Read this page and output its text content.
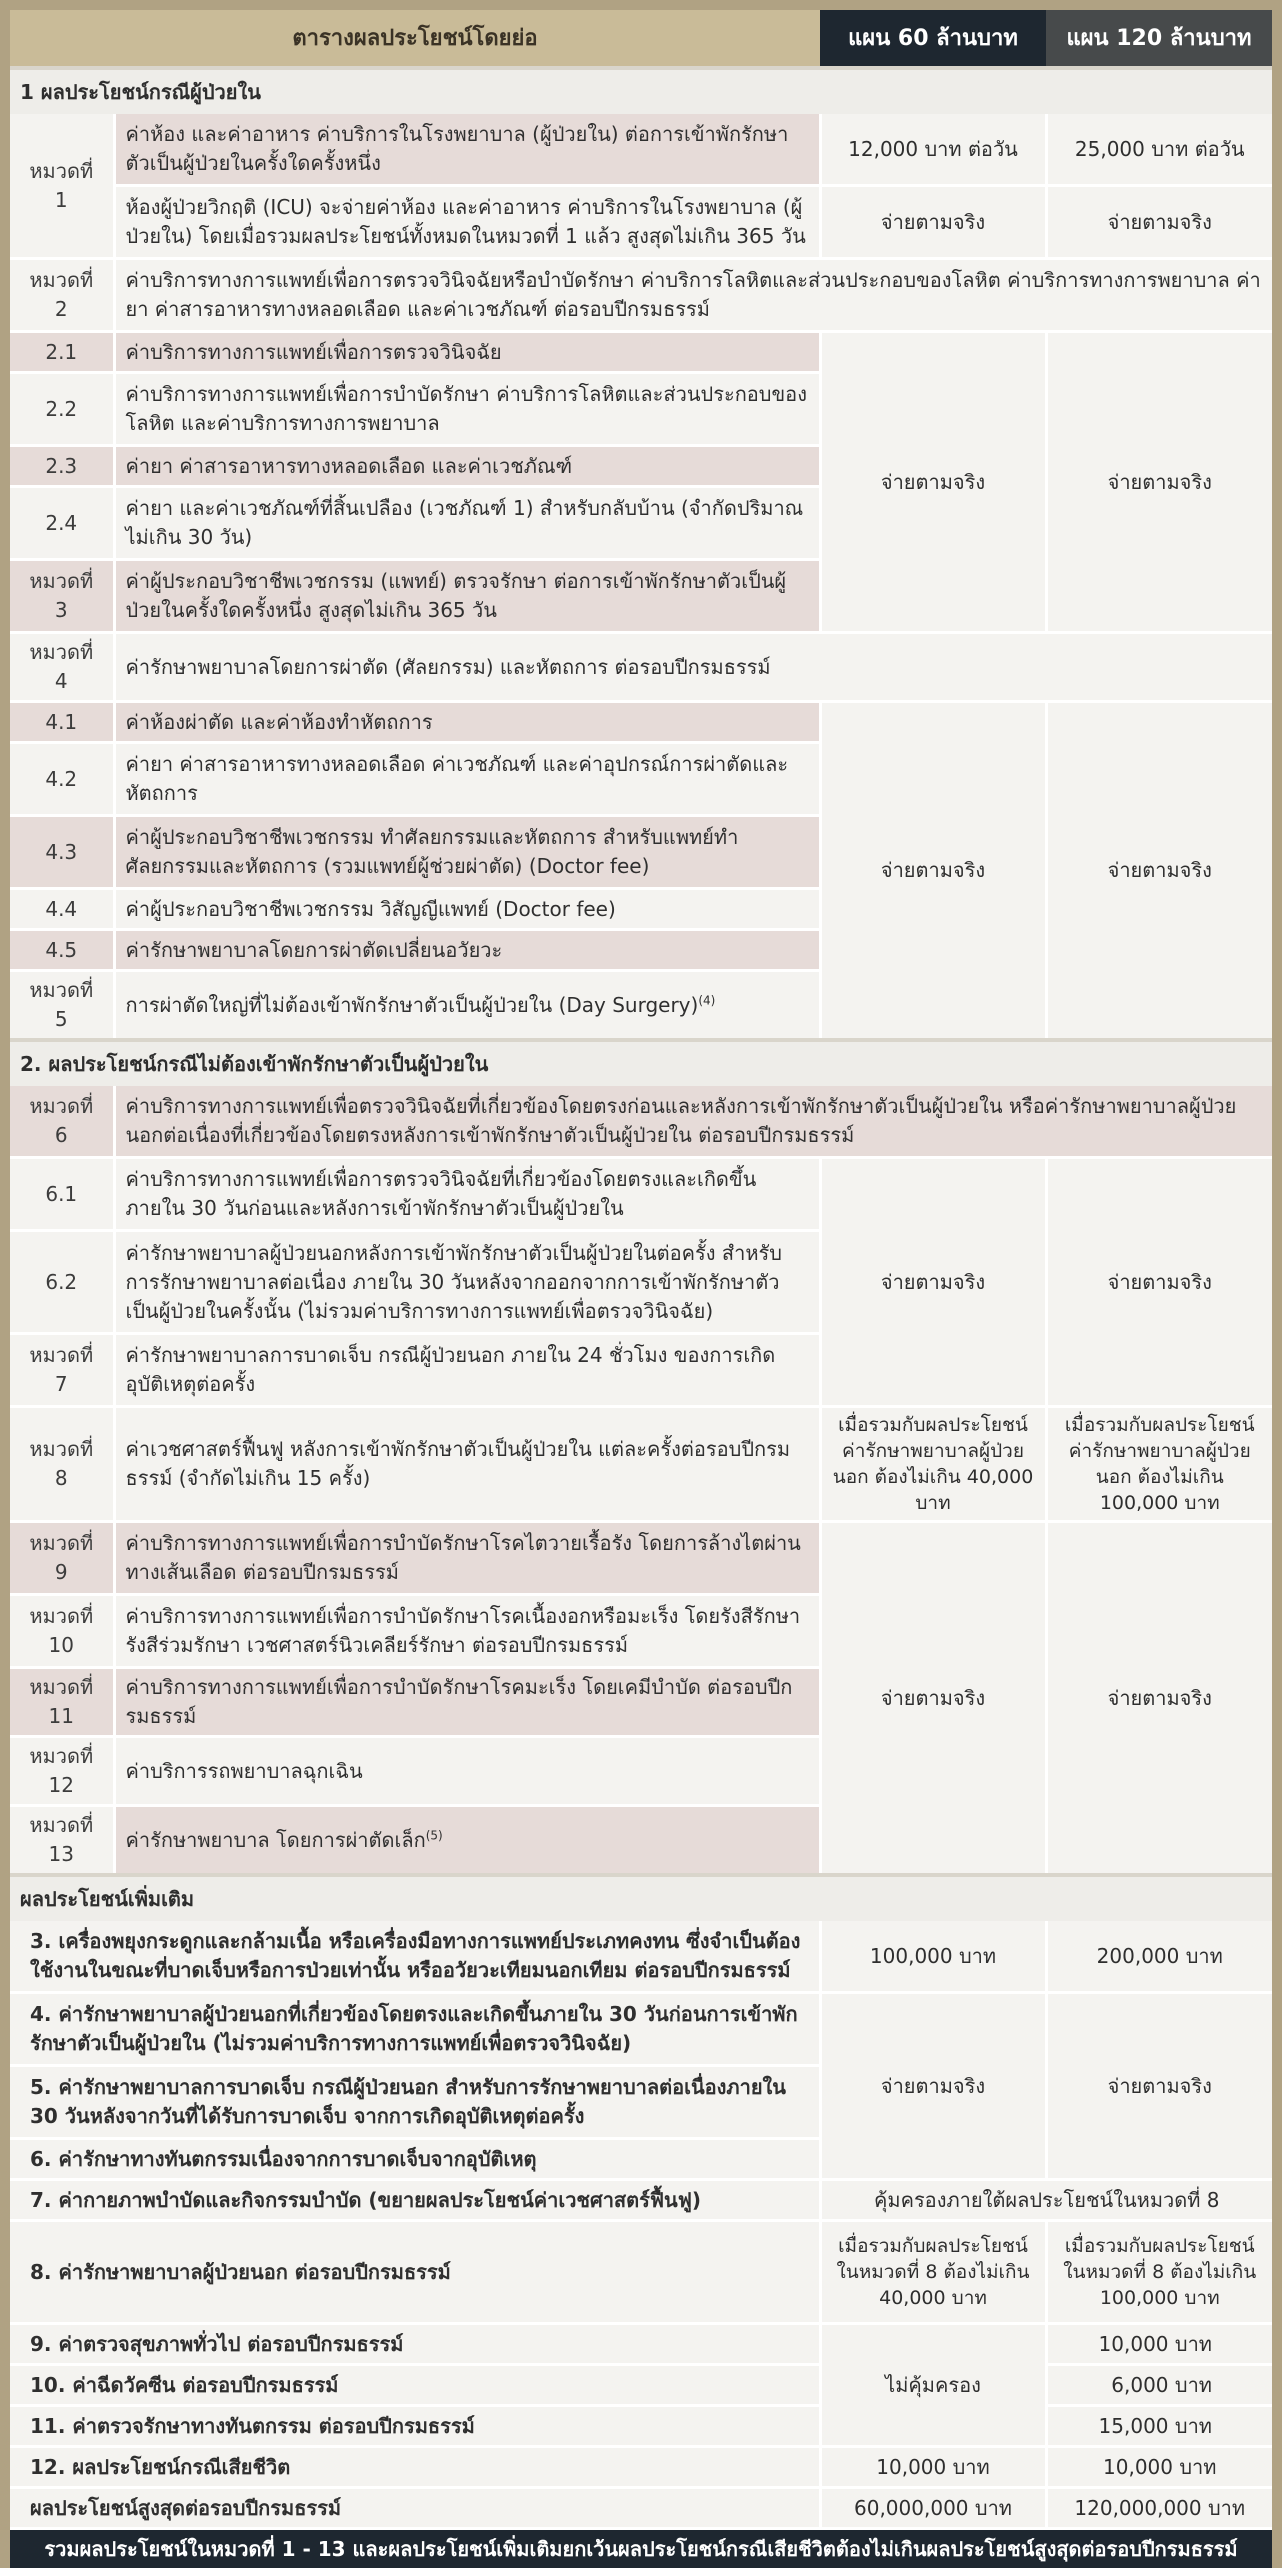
ตารางผลประโยชน์โดยย่อ		แผน 60 ล้านบาท	แผน 120 ล้านบาท
1 ผลประโยชน์กรณีผู้ป่วยใน			
หมวดที่ 1	ค่าห้อง และค่าอาหาร ค่าบริการในโรงพยาบาล (ผู้ป่วยใน) ต่อการเข้าพักรักษาตัวเป็นผู้ป่วยในครั้งใดครั้งหนึ่ง	12,000 บาท ต่อวัน	25,000 บาท ต่อวัน
	ห้องผู้ป่วยวิกฤติ (ICU) จะจ่ายค่าห้อง และค่าอาหาร ค่าบริการในโรงพยาบาล (ผู้ป่วยใน) โดยเมื่อรวมผลประโยชน์ทั้งหมดในหมวดที่ 1 แล้ว สูงสุดไม่เกิน 365 วัน	จ่ายตามจริง	จ่ายตามจริง
หมวดที่ 2	ค่าบริการทางการแพทย์เพื่อการตรวจวินิจฉัยหรือบำบัดรักษา ค่าบริการโลหิตและส่วนประกอบของโลหิต ค่าบริการทางการพยาบาล ค่ายา ค่าสารอาหารทางหลอดเลือด และค่าเวชภัณฑ์ ต่อรอบปีกรมธรรม์		
2.1	ค่าบริการทางการแพทย์เพื่อการตรวจวินิจฉัย	จ่ายตามจริง	จ่ายตามจริง
2.2	ค่าบริการทางการแพทย์เพื่อการบำบัดรักษา ค่าบริการโลหิตและส่วนประกอบของโลหิต และค่าบริการทางการพยาบาล		
2.3	ค่ายา ค่าสารอาหารทางหลอดเลือด และค่าเวชภัณฑ์		
2.4	ค่ายา และค่าเวชภัณฑ์ที่สิ้นเปลือง (เวชภัณฑ์ 1) สำหรับกลับบ้าน (จำกัดปริมาณไม่เกิน 30 วัน)		
หมวดที่ 3	ค่าผู้ประกอบวิชาชีพเวชกรรม (แพทย์) ตรวจรักษา ต่อการเข้าพักรักษาตัวเป็นผู้ป่วยในครั้งใดครั้งหนึ่ง สูงสุดไม่เกิน 365 วัน		
หมวดที่ 4	ค่ารักษาพยาบาลโดยการผ่าตัด (ศัลยกรรม) และหัตถการ ต่อรอบปีกรมธรรม์		
4.1	ค่าห้องผ่าตัด และค่าห้องทำหัตถการ	จ่ายตามจริง	จ่ายตามจริง
4.2	ค่ายา ค่าสารอาหารทางหลอดเลือด ค่าเวชภัณฑ์ และค่าอุปกรณ์การผ่าตัดและหัตถการ		
4.3	ค่าผู้ประกอบวิชาชีพเวชกรรม ทำศัลยกรรมและหัตถการ สำหรับแพทย์ทำศัลยกรรมและหัตถการ (รวมแพทย์ผู้ช่วยผ่าตัด) (Doctor fee)		
4.4	ค่าผู้ประกอบวิชาชีพเวชกรรม วิสัญญีแพทย์ (Doctor fee)		
4.5	ค่ารักษาพยาบาลโดยการผ่าตัดเปลี่ยนอวัยวะ		
หมวดที่ 5	การผ่าตัดใหญ่ที่ไม่ต้องเข้าพักรักษาตัวเป็นผู้ป่วยใน (Day Surgery)$^{(4)}$
2. ผลประโยชน์กรณีไม่ต้องเข้าพักรักษาตัวเป็นผู้ป่วยใน			
หมวดที่ 6	ค่าบริการทางการแพทย์เพื่อตรวจวินิจฉัยที่เกี่ยวข้องโดยตรงก่อนและหลังการเข้าพักรักษาตัวเป็นผู้ป่วยใน หรือค่ารักษาพยาบาลผู้ป่วยนอกต่อเนื่องที่เกี่ยวข้องโดยตรงหลังการเข้าพักรักษาตัวเป็นผู้ป่วยใน ต่อรอบปีกรมธรรม์		
6.1	ค่าบริการทางการแพทย์เพื่อการตรวจวินิจฉัยที่เกี่ยวข้องโดยตรงและเกิดขึ้นภายใน 30 วันก่อนและหลังการเข้าพักรักษาตัวเป็นผู้ป่วยใน	จ่ายตามจริง	จ่ายตามจริง
6.2	ค่ารักษาพยาบาลผู้ป่วยนอกหลังการเข้าพักรักษาตัวเป็นผู้ป่วยในต่อครั้ง สำหรับการรักษาพยาบาลต่อเนื่อง ภายใน 30 วันหลังจากออกจากการเข้าพักรักษาตัวเป็นผู้ป่วยในครั้งนั้น (ไม่รวมค่าบริการทางการแพทย์เพื่อตรวจวินิจฉัย)		
หมวดที่ 7	ค่ารักษาพยาบาลการบาดเจ็บ กรณีผู้ป่วยนอก ภายใน 24 ชั่วโมง ของการเกิดอุบัติเหตุต่อครั้ง		
หมวดที่ 8	ค่าเวชศาสตร์ฟื้นฟู หลังการเข้าพักรักษาตัวเป็นผู้ป่วยใน แต่ละครั้งต่อรอบปีกรมธรรม์ (จำกัดไม่เกิน 15 ครั้ง)	เมื่อรวมกับผลประโยชน์ค่ารักษาพยาบาลผู้ป่วยนอก ต้องไม่เกิน 40,000 บาท	เมื่อรวมกับผลประโยชน์ค่ารักษาพยาบาลผู้ป่วยนอก ต้องไม่เกิน 100,000 บาท
หมวดที่ 9	ค่าบริการทางการแพทย์เพื่อการบำบัดรักษาโรคไตวายเรื้อรัง โดยการล้างไตผ่านทางเส้นเลือด ต่อรอบปีกรมธรรม์	จ่ายตามจริง	จ่ายตามจริง
หมวดที่ 10	ค่าบริการทางการแพทย์เพื่อการบำบัดรักษาโรคเนื้องอกหรือมะเร็ง โดยรังสีรักษารังสีร่วมรักษา เวชศาสตร์นิวเคลียร์รักษา ต่อรอบปีกรมธรรม์		
หมวดที่ 11	ค่าบริการทางการแพทย์เพื่อการบำบัดรักษาโรคมะเร็ง โดยเคมีบำบัด ต่อรอบปีกรมธรรม์		
หมวดที่ 12	ค่าบริการรถพยาบาลฉุกเฉิน		
หมวดที่ 13	ค่ารักษาพยาบาล โดยการผ่าตัดเล็ก$^{(5)}$
ผลประโยชน์เพิ่มเติม			
3. เครื่องพยุงกระดูกและกล้ามเนื้อ หรือเครื่องมือทางการแพทย์ประเภทคงทน ซึ่งจำเป็นต้องใช้งานในขณะที่บาดเจ็บหรือการป่วยเท่านั้น หรืออวัยวะเทียมนอกเทียม ต่อรอบปีกรมธรรม์		100,000 บาท	200,000 บาท
4. ค่ารักษาพยาบาลผู้ป่วยนอกที่เกี่ยวข้องโดยตรงและเกิดขึ้นภายใน 30 วันก่อนการเข้าพักรักษาตัวเป็นผู้ป่วยใน (ไม่รวมค่าบริการทางการแพทย์เพื่อตรวจวินิจฉัย)		จ่ายตามจริง	จ่ายตามจริง
5. ค่ารักษาพยาบาลการบาดเจ็บ กรณีผู้ป่วยนอก สำหรับการรักษาพยาบาลต่อเนื่องภายใน 30 วันหลังจากวันที่ได้รับการบาดเจ็บ จากการเกิดอุบัติเหตุต่อครั้ง			
6. ค่ารักษาทางทันตกรรมเนื่องจากการบาดเจ็บจากอุบัติเหตุ			
7. ค่ากายภาพบำบัดและกิจกรรมบำบัด (ขยายผลประโยชน์ค่าเวชศาสตร์ฟื้นฟู)		คุ้มครองภายใต้ผลประโยชน์ในหมวดที่ 8	
8. ค่ารักษาพยาบาลผู้ป่วยนอก ต่อรอบปีกรมธรรม์		เมื่อรวมกับผลประโยชน์ในหมวดที่ 8 ต้องไม่เกิน 40,000 บาท	เมื่อรวมกับผลประโยชน์ในหมวดที่ 8 ต้องไม่เกิน 100,000 บาท
9. ค่าตรวจสุขภาพทั่วไป ต่อรอบปีกรมธรรม์		ไม่คุ้มครอง	10,000 บาท
10. ค่าฉีดวัคซีน ต่อรอบปีกรมธรรม์			6,000 บาท
11. ค่าตรวจรักษาทางทันตกรรม ต่อรอบปีกรมธรรม์			15,000 บาท
12. ผลประโยชน์กรณีเสียชีวิต		10,000 บาท	10,000 บาท
ผลประโยชน์สูงสุดต่อรอบปีกรมธรรม์		60,000,000 บาท	120,000,000 บาท
รวมผลประโยชน์ในหมวดที่ 1 - 13 และผลประโยชน์เพิ่มเติมยกเว้นผลประโยชน์กรณีเสียชีวิตต้องไม่เกินผลประโยชน์สูงสุดต่อรอบปีกรมธรรม์			
